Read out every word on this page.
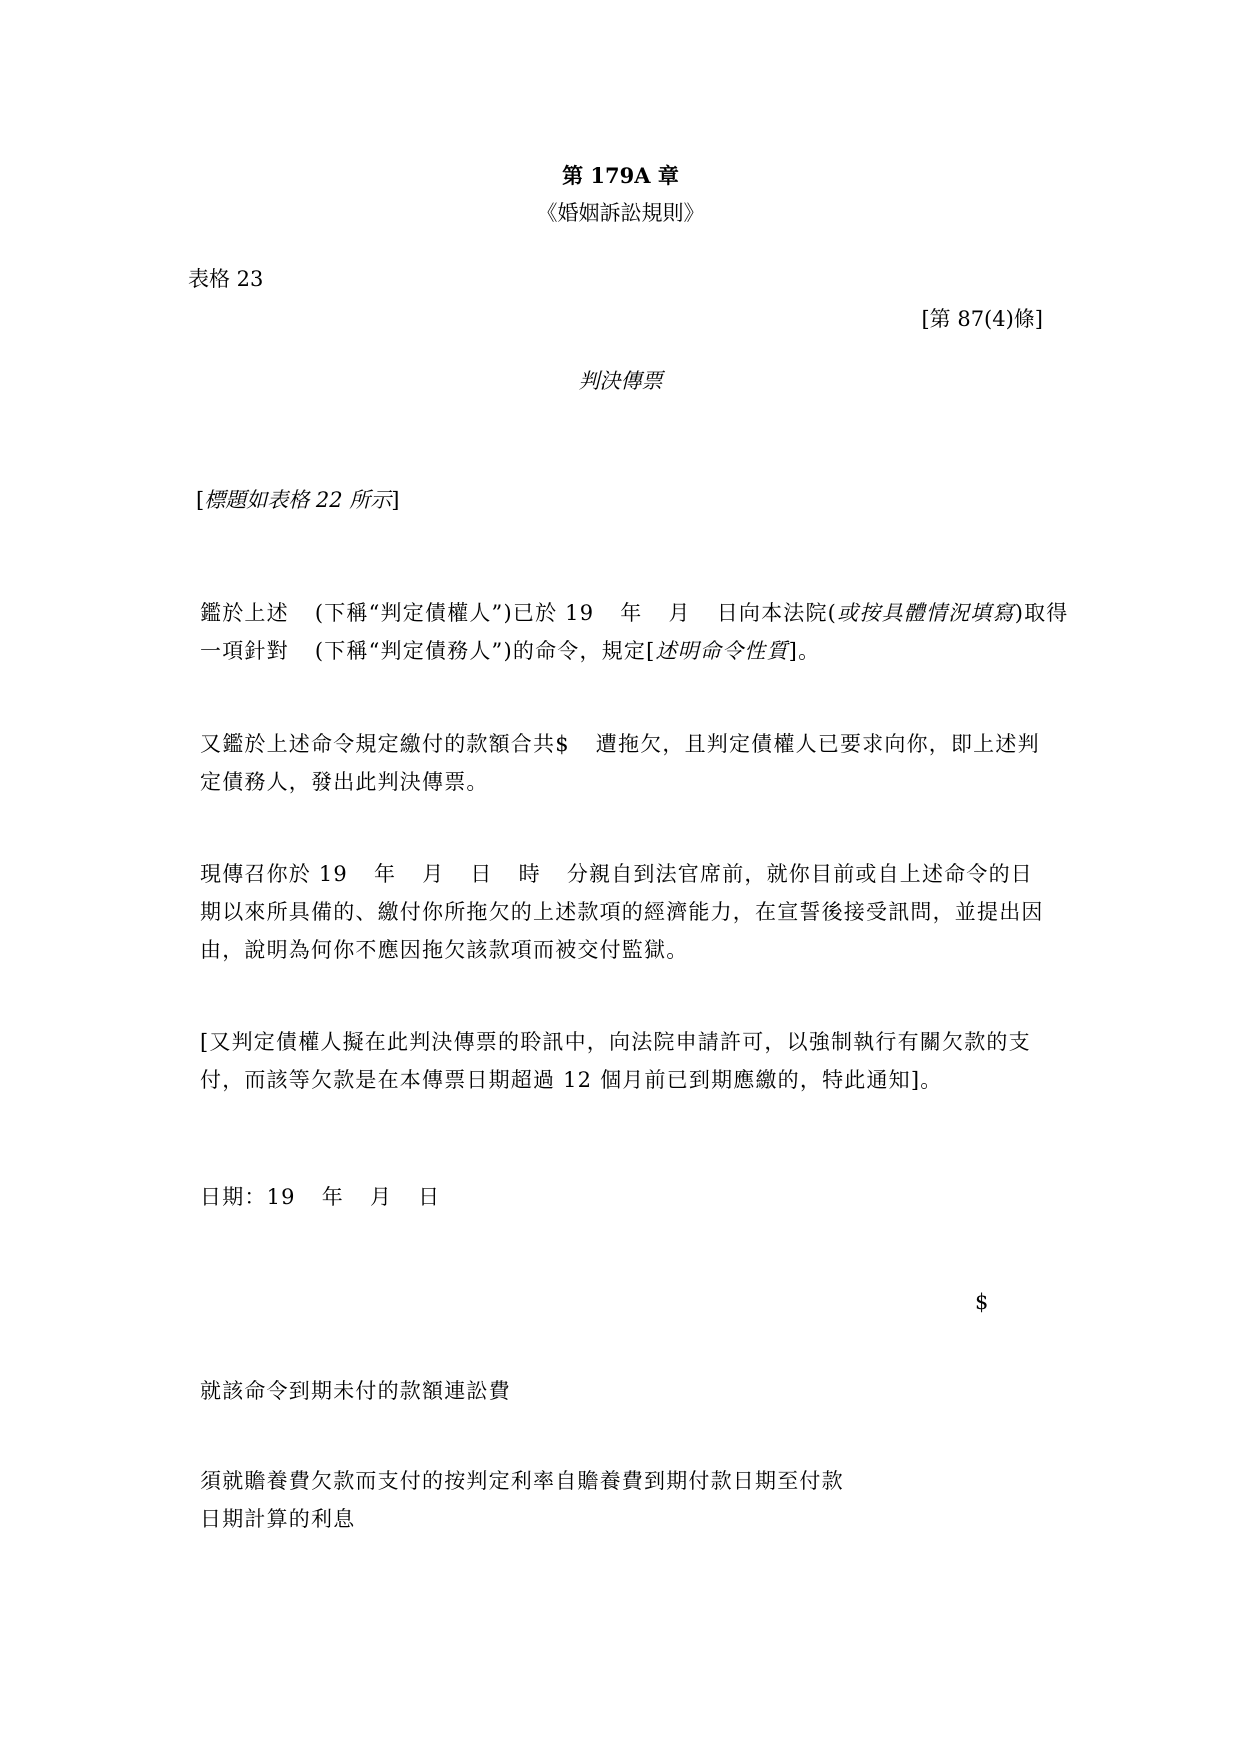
第 179A 章
《婚姻訴訟規則》
表格 23
[第 87(4)條]
判決傳票
[標題如表格 22 所示]
鑑於上述 (下稱“判定債權人”)已於 19 年 月 日向本法院(或按具體情況填寫)取得
一項針對 (下稱“判定債務人”)的命令，規定[述明命令性質]。
又鑑於上述命令規定繳付的款額合共$ 遭拖欠，且判定債權人已要求向你，即上述判
定債務人，發出此判決傳票。
現傳召你於 19 年 月 日 時 分親自到法官席前，就你目前或自上述命令的日
期以來所具備的、繳付你所拖欠的上述款項的經濟能力，在宣誓後接受訊問，並提出因
由，說明為何你不應因拖欠該款項而被交付監獄。
[又判定債權人擬在此判決傳票的聆訊中，向法院申請許可，以強制執行有關欠款的支
付，而該等欠款是在本傳票日期超過 12 個月前已到期應繳的，特此通知]。
日期：19 年 月 日
$
就該命令到期未付的款額連訟費
須就贍養費欠款而支付的按判定利率自贍養費到期付款日期至付款
日期計算的利息
